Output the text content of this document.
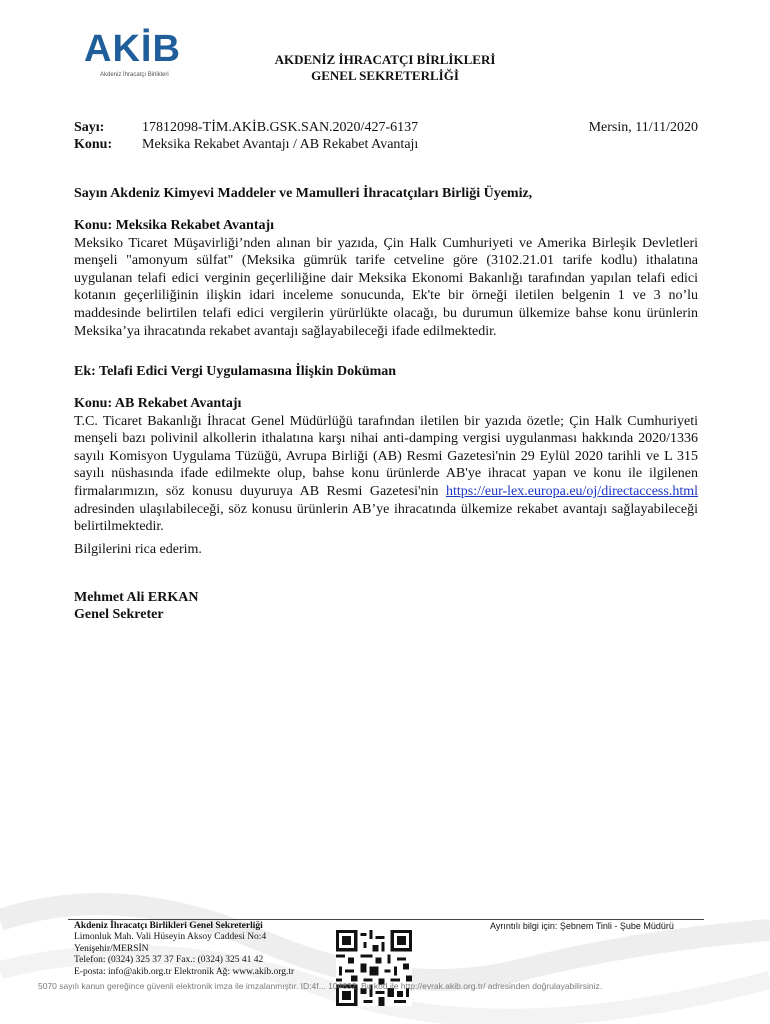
AKİB
Akdeniz İhracatçı Birlikleri
AKDENİZ İHRACATÇI BİRLİKLERİ
GENEL SEKRETERLİĞİ
Sayı:	17812098-TİM.AKİB.GSK.SAN.2020/427-6137	Mersin, 11/11/2020
Konu: Meksika Rekabet Avantajı / AB Rekabet Avantajı
Sayın Akdeniz Kimyevi Maddeler ve Mamulleri İhracatçıları Birliği Üyemiz,

Konu: Meksika Rekabet Avantajı

Meksiko Ticaret Müşavirliği’nden alınan bir yazıda, Çin Halk Cumhuriyeti ve Amerika Birleşik Devletleri menşeli "amonyum sülfat" (Meksika gümrük tarife cetveline göre (3102.21.01 tarife kodlu) ithalatına uygulanan telafi edici verginin geçerliliğine dair Meksika Ekonomi Bakanlığı tarafından yapılan telafi edici kotanın geçerliliğinin ilişkin idari inceleme sonucunda, Ek'te bir örneği iletilen belgenin 1 ve 3 no’lu maddesinde belirtilen telafi edici vergilerin yürürlükte olacağı, bu durumun ülkemize bahse konu ürünlerin Meksika’ya ihracatında rekabet avantajı sağlayabileceği ifade edilmektedir.

Ek: Telafi Edici Vergi Uygulamasına İlişkin Doküman

Konu: AB Rekabet Avantajı

T.C. Ticaret Bakanlığı İhracat Genel Müdürlüğü tarafından iletilen bir yazıda özetle; Çin Halk Cumhuriyeti menşeli bazı polivinil alkollerin ithalatına karşı nihai anti-damping vergisi uygulanması hakkında 2020/1336 sayılı Komisyon Uygulama Tüzüğü, Avrupa Birliği (AB) Resmi Gazetesi'nin 29 Eylül 2020 tarihli ve L 315 sayılı nüshasında ifade edilmekte olup, bahse konu ürünlerde AB'ye ihracat yapan ve konu ile ilgilenen firmalarımızın, söz konusu duyuruya AB Resmi Gazetesi'nin https://eur-lex.europa.eu/oj/directaccess.html adresinden ulaşılabileceği, söz konusu ürünlerin AB’ye ihracatında ülkemize rekabet avantajı sağlayabileceği belirtilmektedir.

Bilgilerini rica ederim.
Mehmet Ali ERKAN
Genel Sekreter
Akdeniz İhracatçı Birlikleri Genel Sekreterliği
Limonluk Mah. Vali Hüseyin Aksoy Caddesi No:4
Yenişehir/MERSİN
Telefon: (0324) 325 37 37 Fax.: (0324) 325 41 42
E-posta: info@akib.org.tr Elektronik Ağ: www.akib.org.tr
Ayrıntılı bilgi için: Şebnem Tinli - Şube Müdürü
5070 sayılı kanun gereğince güvenli elektronik imza ile imzalanmıştır. ID:4f... 104632. Bu kod ile http://evrak.akib.org.tr/ adresinden doğrulayabilirsiniz.
